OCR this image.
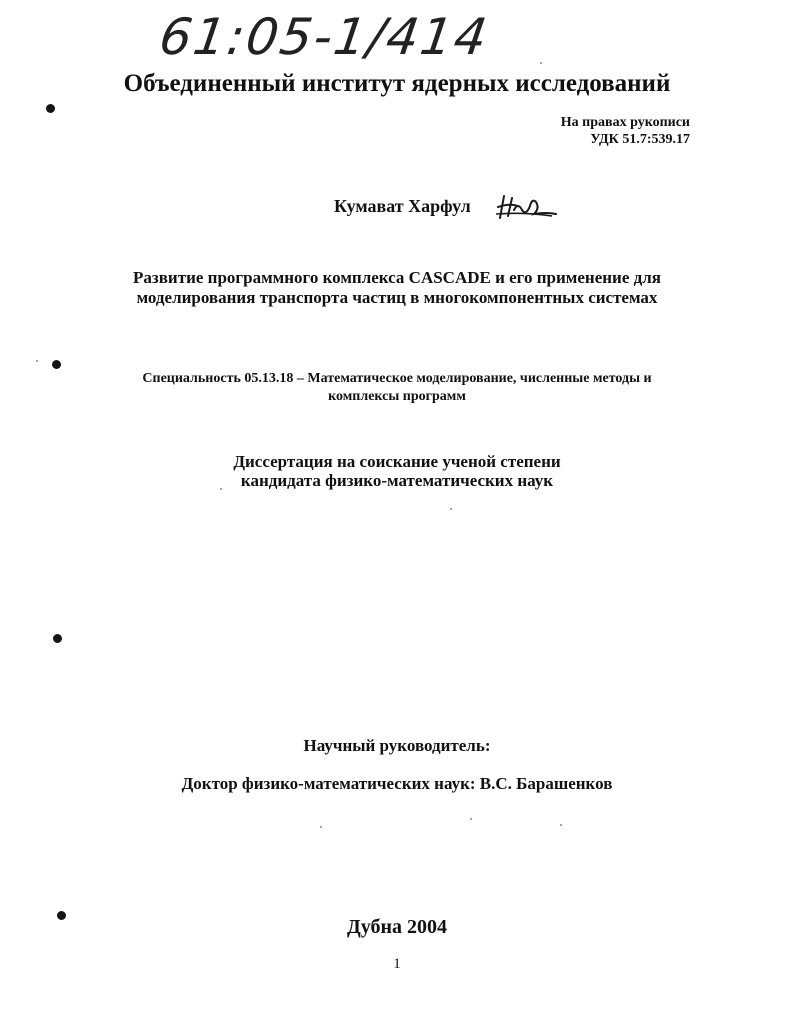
61:05-1/414
Объединенный институт ядерных исследований
На правах рукописи
УДК 51.7:539.17
Кумават Харфул
Развитие программного комплекса CASCADE и его применение для
моделирования транспорта частиц в многокомпонентных системах
Специальность 05.13.18 – Математическое моделирование, численные методы и
комплексы программ
Диссертация на соискание ученой степени
кандидата физико-математических наук
Научный руководитель:
Доктор физико-математических наук: В.С. Барашенков
Дубна 2004
1
